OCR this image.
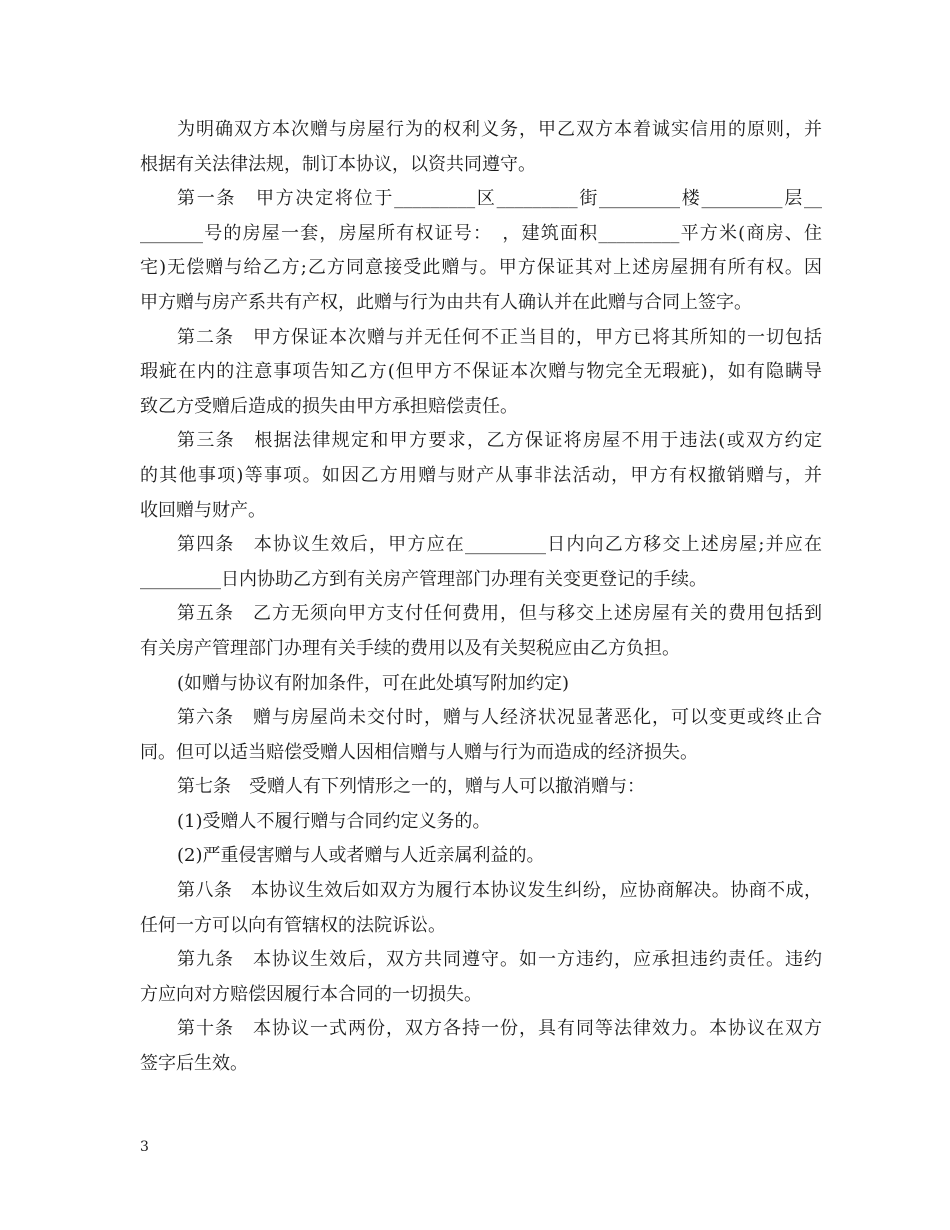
为明确双方本次赠与房屋行为的权利义务，甲乙双方本着诚实信用的原则，并
根据有关法律法规，制订本协议，以资共同遵守。
第一条　甲方决定将位于_________区_________街_________楼_________层__
_______号的房屋一套，房屋所有权证号：　，建筑面积_________平方米(商房、住
宅)无偿赠与给乙方;乙方同意接受此赠与。甲方保证其对上述房屋拥有所有权。因
甲方赠与房产系共有产权，此赠与行为由共有人确认并在此赠与合同上签字。
第二条　甲方保证本次赠与并无任何不正当目的，甲方已将其所知的一切包括
瑕疵在内的注意事项告知乙方(但甲方不保证本次赠与物完全无瑕疵)，如有隐瞒导
致乙方受赠后造成的损失由甲方承担赔偿责任。
第三条　根据法律规定和甲方要求，乙方保证将房屋不用于违法(或双方约定
的其他事项)等事项。如因乙方用赠与财产从事非法活动，甲方有权撤销赠与，并
收回赠与财产。
第四条　本协议生效后，甲方应在_________日内向乙方移交上述房屋;并应在
_________日内协助乙方到有关房产管理部门办理有关变更登记的手续。
第五条　乙方无须向甲方支付任何费用，但与移交上述房屋有关的费用包括到
有关房产管理部门办理有关手续的费用以及有关契税应由乙方负担。
(如赠与协议有附加条件，可在此处填写附加约定)
第六条　赠与房屋尚未交付时，赠与人经济状况显著恶化，可以变更或终止合
同。但可以适当赔偿受赠人因相信赠与人赠与行为而造成的经济损失。
第七条　受赠人有下列情形之一的，赠与人可以撤消赠与：
(1)受赠人不履行赠与合同约定义务的。
(2)严重侵害赠与人或者赠与人近亲属利益的。
第八条　本协议生效后如双方为履行本协议发生纠纷，应协商解决。协商不成，
任何一方可以向有管辖权的法院诉讼。
第九条　本协议生效后，双方共同遵守。如一方违约，应承担违约责任。违约
方应向对方赔偿因履行本合同的一切损失。
第十条　本协议一式两份，双方各持一份，具有同等法律效力。本协议在双方
签字后生效。
3
